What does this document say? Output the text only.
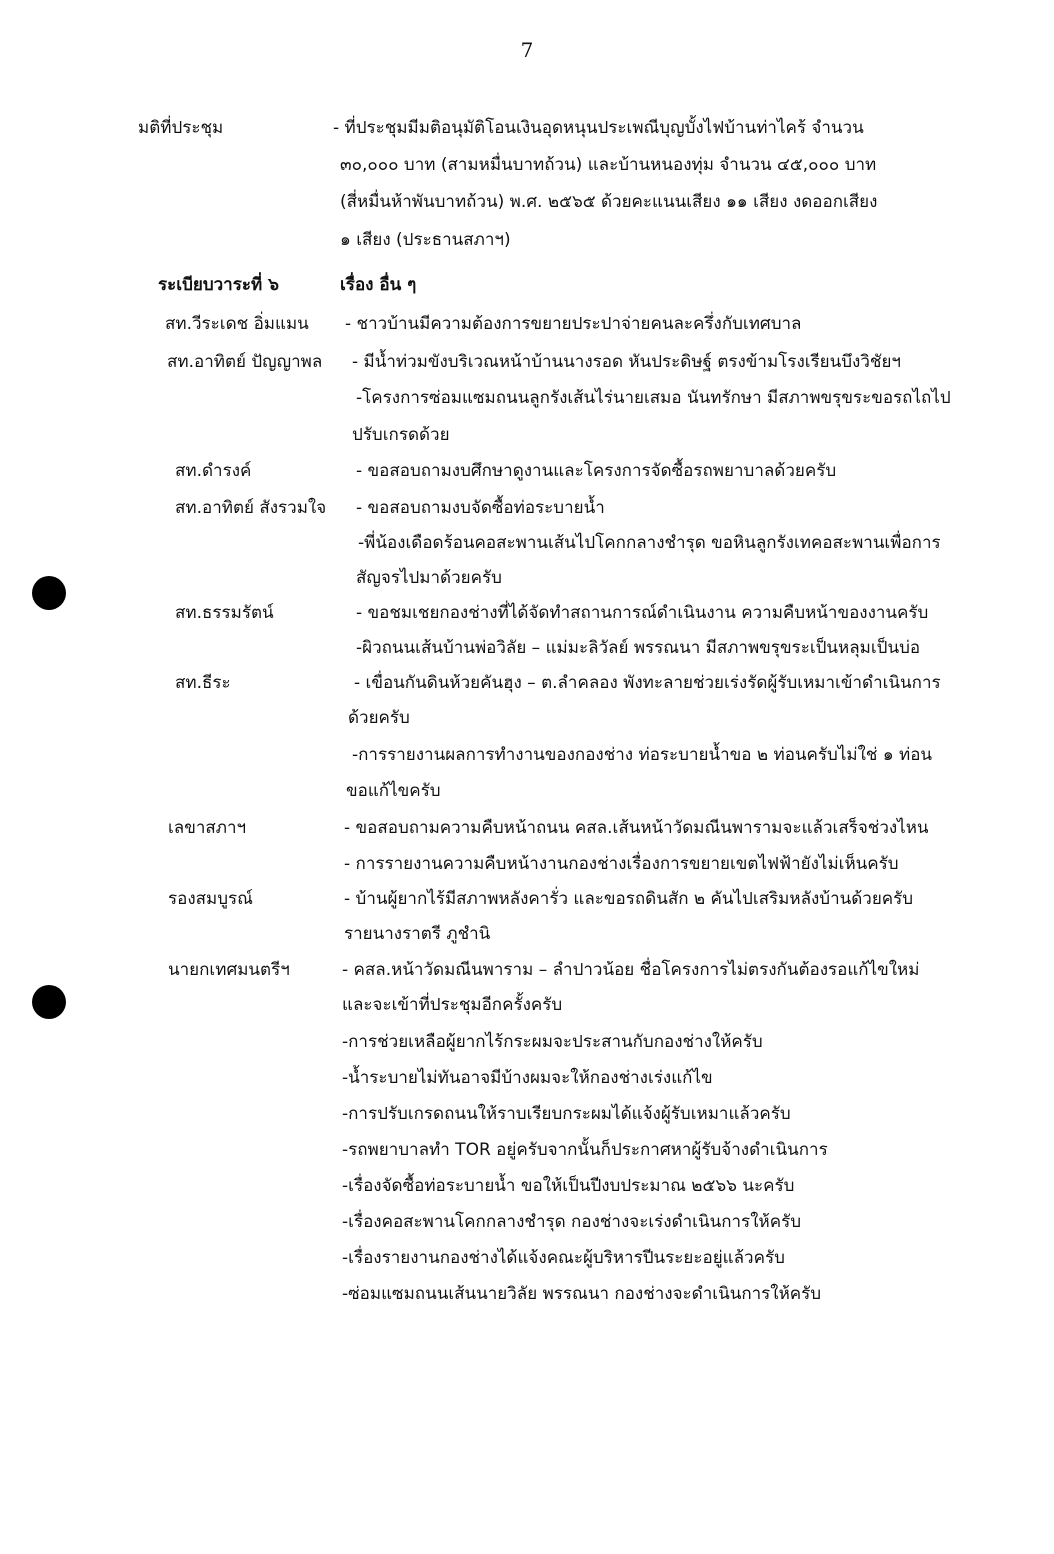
7
มติที่ประชุม	- ที่ประชุมมีมติอนุมัติโอนเงินอุดหนุนประเพณีบุญบั้งไฟบ้านท่าไคร้ จำนวน
๓๐,๐๐๐ บาท (สามหมื่นบาทถ้วน) และบ้านหนองทุ่ม จำนวน ๔๕,๐๐๐ บาท
(สี่หมื่นห้าพันบาทถ้วน) พ.ศ. ๒๕๖๕ ด้วยคะแนนเสียง ๑๑ เสียง งดออกเสียง
๑ เสียง (ประธานสภาฯ)
ระเบียบวาระที่ ๖	เรื่อง อื่น ๆ
สท.วีระเดช อิ่มแมน - ชาวบ้านมีความต้องการขยายประปาจ่ายคนละครึ่งกับเทศบาล
สท.อาทิตย์ ปัญญาพล - มีน้ำท่วมขังบริเวณหน้าบ้านนางรอด หันประดิษฐ์ ตรงข้ามโรงเรียนบึงวิชัยฯ
-โครงการซ่อมแซมถนนลูกรังเส้นไร่นายเสมอ นันทรักษา มีสภาพขรุขระขอรถไถไป
ปรับเกรดด้วย
สท.ดำรงค์	- ขอสอบถามงบศึกษาดูงานและโครงการจัดซื้อรถพยาบาลด้วยครับ
สท.อาทิตย์ สังรวมใจ - ขอสอบถามงบจัดซื้อท่อระบายน้ำ
-พี่น้องเดือดร้อนคอสะพานเส้นไปโคกกลางชำรุด ขอหินลูกรังเทคอสะพานเพื่อการ
สัญจรไปมาด้วยครับ
สท.ธรรมรัตน์	- ขอชมเชยกองช่างที่ได้จัดทำสถานการณ์ดำเนินงาน ความคืบหน้าของงานครับ
-ผิวถนนเส้นบ้านพ่อวิลัย – แม่มะลิวัลย์ พรรณนา มีสภาพขรุขระเป็นหลุมเป็นบ่อ
สท.ธีระ	- เขื่อนกันดินห้วยคันฮุง – ต.ลำคลอง พังทะลายช่วยเร่งรัดผู้รับเหมาเข้าดำเนินการ
ด้วยครับ
-การรายงานผลการทำงานของกองช่าง ท่อระบายน้ำขอ ๒ ท่อนครับไม่ใช่ ๑ ท่อน
ขอแก้ไขครับ
เลขาสภาฯ	- ขอสอบถามความคืบหน้าถนน คสล.เส้นหน้าวัดมณีนพารามจะแล้วเสร็จช่วงไหน
- การรายงานความคืบหน้างานกองช่างเรื่องการขยายเขตไฟฟ้ายังไม่เห็นครับ
รองสมบูรณ์	- บ้านผู้ยากไร้มีสภาพหลังคารั่ว และขอรถดินสัก ๒ คันไปเสริมหลังบ้านด้วยครับ
รายนางราตรี ภูชำนิ
นายกเทศมนตรีฯ	- คสล.หน้าวัดมณีนพาราม – ลำปาวน้อย ชื่อโครงการไม่ตรงกันต้องรอแก้ไขใหม่
และจะเข้าที่ประชุมอีกครั้งครับ
-การช่วยเหลือผู้ยากไร้กระผมจะประสานกับกองช่างให้ครับ
-น้ำระบายไม่ทันอาจมีบ้างผมจะให้กองช่างเร่งแก้ไข
-การปรับเกรดถนนให้ราบเรียบกระผมได้แจ้งผู้รับเหมาแล้วครับ
-รถพยาบาลทำ TOR อยู่ครับจากนั้นก็ประกาศหาผู้รับจ้างดำเนินการ
-เรื่องจัดซื้อท่อระบายน้ำ ขอให้เป็นปีงบประมาณ ๒๕๖๖ นะครับ
-เรื่องคอสะพานโคกกลางชำรุด กองช่างจะเร่งดำเนินการให้ครับ
-เรื่องรายงานกองช่างได้แจ้งคณะผู้บริหารปีนระยะอยู่แล้วครับ
-ซ่อมแซมถนนเส้นนายวิลัย พรรณนา กองช่างจะดำเนินการให้ครับ
